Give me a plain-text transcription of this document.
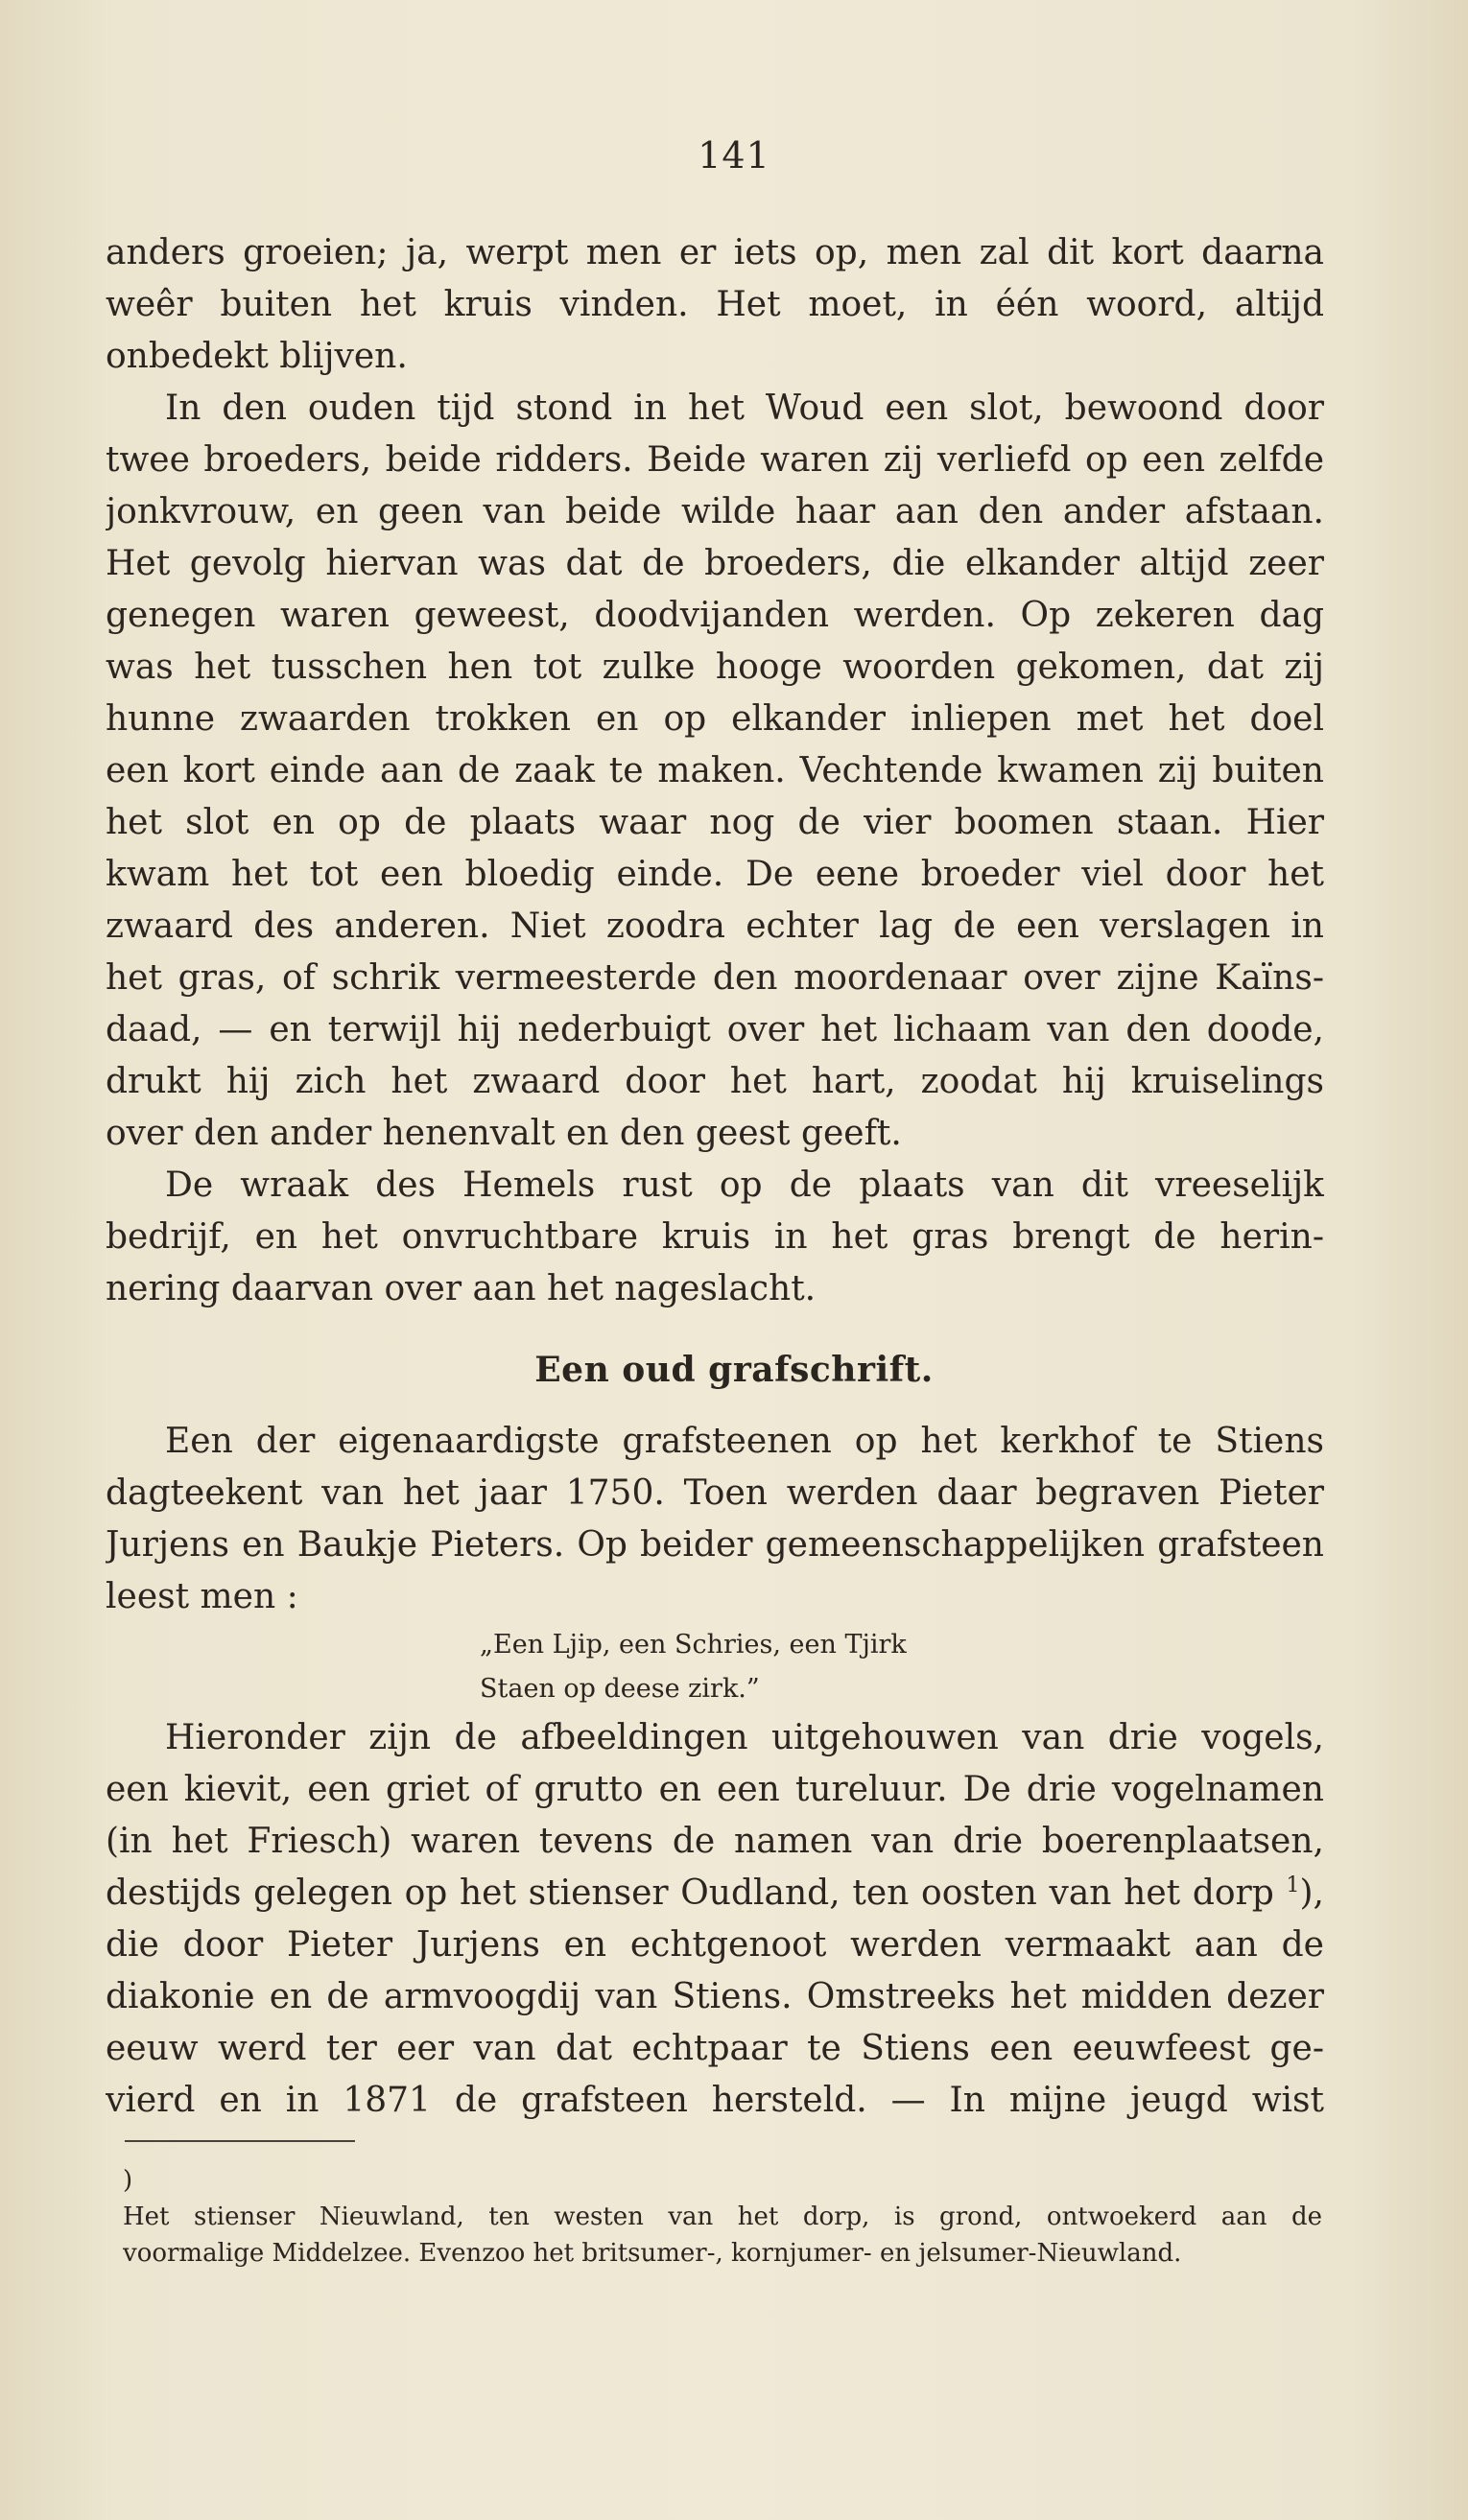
141

anders groeien; ja, werpt men er iets op, men zal dit kort daarna
weêr buiten het kruis vinden. Het moet, in één woord, altijd
onbedekt blijven.

In den ouden tijd stond in het Woud een slot, bewoond door
twee broeders, beide ridders. Beide waren zij verliefd op een zelfde
jonkvrouw, en geen van beide wilde haar aan den ander afstaan.
Het gevolg hiervan was dat de broeders, die elkander altijd zeer
genegen waren geweest, doodvijanden werden. Op zekeren dag
was het tusschen hen tot zulke hooge woorden gekomen, dat zij
hunne zwaarden trokken en op elkander inliepen met het doel
een kort einde aan de zaak te maken. Vechtende kwamen zij buiten
het slot en op de plaats waar nog de vier boomen staan. Hier
kwam het tot een bloedig einde. De eene broeder viel door het
zwaard des anderen. Niet zoodra echter lag de een verslagen in
het gras, of schrik vermeesterde den moordenaar over zijne Kaïns-
daad, — en terwijl hij nederbuigt over het lichaam van den doode,
drukt hij zich het zwaard door het hart, zoodat hij kruiselings
over den ander henenvalt en den geest geeft.

De wraak des Hemels rust op de plaats van dit vreeselijk
bedrijf, en het onvruchtbare kruis in het gras brengt de herin-
nering daarvan over aan het nageslacht.

Een oud grafschrift.

Een der eigenaardigste grafsteenen op het kerkhof te Stiens
dagteekent van het jaar 1750. Toen werden daar begraven Pieter
Jurjens en Baukje Pieters. Op beider gemeenschappelijken grafsteen
leest men :

„Een Ljip, een Schries, een Tjirk
Staen op deese zirk.”

Hieronder zijn de afbeeldingen uitgehouwen van drie vogels,
een kievit, een griet of grutto en een tureluur. De drie vogelnamen
(in het Friesch) waren tevens de namen van drie boerenplaatsen,
destijds gelegen op het stienser Oudland, ten oosten van het dorp $^1$),
die door Pieter Jurjens en echtgenoot werden vermaakt aan de
diakonie en de armvoogdij van Stiens. Omstreeks het midden dezer
eeuw werd ter eer van dat echtpaar te Stiens een eeuwfeest ge-
vierd en in 1871 de grafsteen hersteld. — In mijne jeugd wist

)
Het stienser Nieuwland, ten westen van het dorp, is grond, ontwoekerd aan de
voormalige Middelzee. Evenzoo het britsumer-, kornjumer- en jelsumer-Nieuwland.
